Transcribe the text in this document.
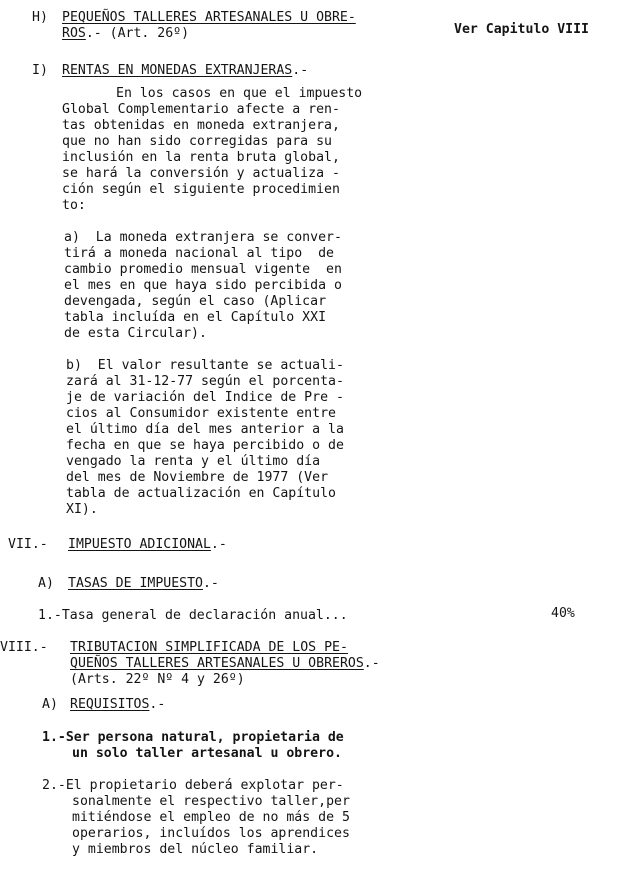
H) PEQUEÑOS TALLERES ARTESANALES U OBRE-
ROS.- (Art. 26º)	Ver Capitulo VIII
I) RENTAS EN MONEDAS EXTRANJERAS.-
En los casos en que el impuesto
Global Complementario afecte a ren-
tas obtenidas en moneda extranjera,
que no han sido corregidas para su
inclusión en la renta bruta global,
se hará la conversión y actualiza -
ción según el siguiente procedimien
to:
a)  La moneda extranjera se conver-
tirá a moneda nacional al tipo  de
cambio promedio mensual vigente  en
el mes en que haya sido percibida o
devengada, según el caso (Aplicar
tabla incluída en el Capítulo XXI
de esta Circular).
b)  El valor resultante se actuali-
zará al 31-12-77 según el porcenta-
je de variación del Indice de Pre -
cios al Consumidor existente entre
el último día del mes anterior a la
fecha en que se haya percibido o de
vengado la renta y el último día
del mes de Noviembre de 1977 (Ver
tabla de actualización en Capítulo
XI).
VII.- IMPUESTO ADICIONAL.-
A) TASAS DE IMPUESTO.-
1.-Tasa general de declaración anual...	40%
VIII.- TRIBUTACION SIMPLIFICADA DE LOS PE-
QUEÑOS TALLERES ARTESANALES U OBREROS.-
(Arts. 22º Nº 4 y 26º)
A) REQUISITOS.-
1.-Ser persona natural, propietaria de
un solo taller artesanal u obrero.
2.-El propietario deberá explotar per-
sonalmente el respectivo taller,per
mitiéndose el empleo de no más de 5
operarios, incluídos los aprendices
y miembros del núcleo familiar.
